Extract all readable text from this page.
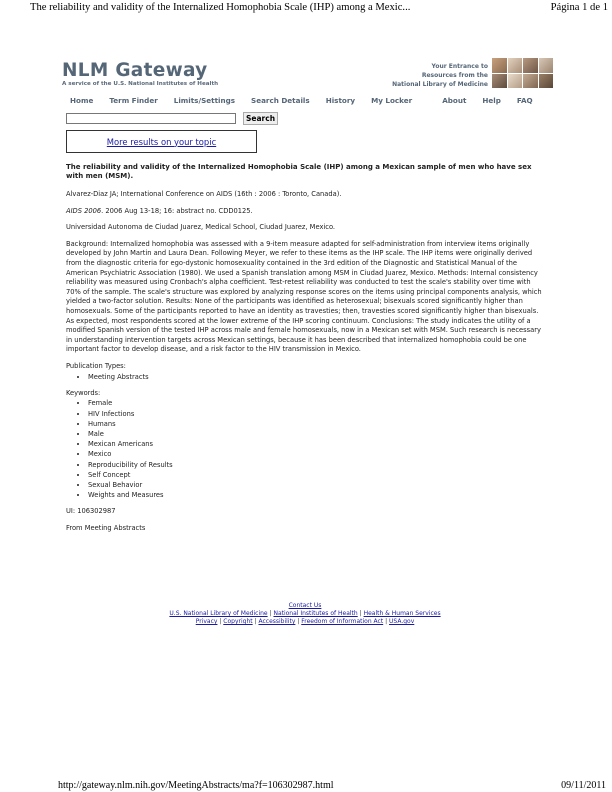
The reliability and validity of the Internalized Homophobia Scale (IHP) among a Mexic...	Página 1 de 1
NLM Gateway
A service of the U.S. National Institutes of Health
Your Entrance to
Resources from the
National Library of Medicine
Home Term Finder Limits/Settings Search Details History My Locker	About Help FAQ
Search
More results on your topic

The reliability and validity of the Internalized Homophobia Scale (IHP) among a Mexican sample of men who have sex with men (MSM).

Alvarez-Diaz JA; International Conference on AIDS (16th : 2006 : Toronto, Canada).

AIDS 2006. 2006 Aug 13-18; 16: abstract no. CDD0125.

Universidad Autonoma de Ciudad Juarez, Medical School, Ciudad Juarez, Mexico.

Background: Internalized homophobia was assessed with a 9-item measure adapted for self-administration from interview items originally developed by John Martin and Laura Dean. Following Meyer, we refer to these items as the IHP scale. The IHP items were originally derived from the diagnostic criteria for ego-dystonic homosexuality contained in the 3rd edition of the Diagnostic and Statistical Manual of the American Psychiatric Association (1980). We used a Spanish translation among MSM in Ciudad Juarez, Mexico. Methods: Internal consistency reliability was measured using Cronbach's alpha coefficient. Test-retest reliability was conducted to test the scale's stability over time with 70% of the sample. The scale's structure was explored by analyzing response scores on the items using principal components analysis, which yielded a two-factor solution. Results: None of the participants was identified as heterosexual; bisexuals scored significantly higher than homosexuals. Some of the participants reported to have an identity as travesties; then, travesties scored significantly higher than bisexuals. As expected, most respondents scored at the lower extreme of the IHP scoring continuum. Conclusions: The study indicates the utility of a modified Spanish version of the tested IHP across male and female homosexuals, now in a Mexican set with MSM. Such research is necessary in understanding intervention targets across Mexican settings, because it has been described that internalized homophobia could be one important factor to develop disease, and a risk factor to the HIV transmission in Mexico.

Publication Types:
• Meeting Abstracts
Keywords:
• Female
• HIV Infections
• Humans
• Male
• Mexican Americans
• Mexico
• Reproducibility of Results
• Self Concept
• Sexual Behavior
• Weights and Measures

UI: 106302987

From Meeting Abstracts

Contact Us
U.S. National Library of Medicine | National Institutes of Health | Health & Human Services
Privacy | Copyright | Accessibility | Freedom of Information Act | USA.gov
http://gateway.nlm.nih.gov/MeetingAbstracts/ma?f=106302987.html	09/11/2011
